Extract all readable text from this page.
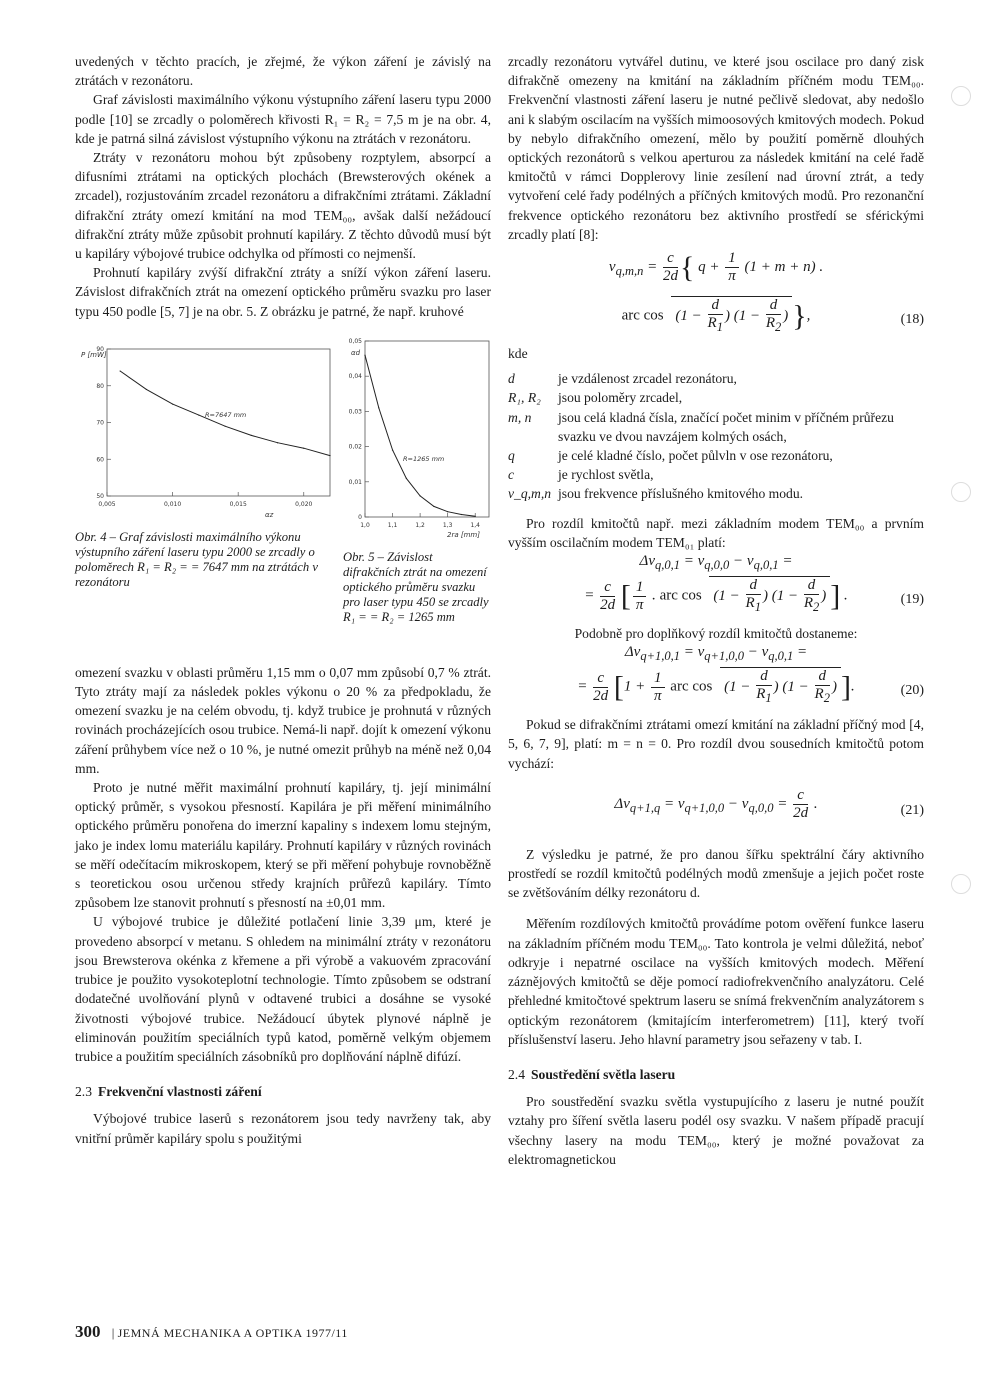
uvedených v těchto pracích, je zřejmé, že výkon záření je závislý na ztrátách v rezonátoru.

Graf závislosti maximálního výkonu výstupního záření laseru typu 2000 podle [10] se zrcadly o poloměrech křivosti R₁ = R₂ = 7,5 m je na obr. 4, kde je patrná silná závislost výstupního výkonu na ztrátách v rezonátoru.

Ztráty v rezonátoru mohou být způsobeny rozptylem, absorpcí a difusními ztrátami na optických plochách (Brewsterových okének a zrcadel), rozjustováním zrcadel rezonátoru a difrakčními ztrátami. Základní difrakční ztráty omezí kmitání na mod TEM₀₀, avšak další nežádoucí difrakční ztráty může způsobit prohnutí kapiláry. Z těchto důvodů musí být u kapiláry výbojové trubice odchylka od přímosti co nejmenší.

Prohnutí kapiláry zvýší difrakční ztráty a sníží výkon záření laseru. Závislost difrakčních ztrát na omezení optického průměru svazku pro laser typu 450 podle [5, 7] je na obr. 5. Z obrázku je patrné, že např. kruhové

0,005	0,010	0,015	0,020
50
60
70
80
90
P [mW]
αz
R=7647 mm
Obr. 4 – Graf závislosti maximálního výkonu výstupního záření laseru typu 2000 se zrcadly o poloměrech R₁ = R₂ = = 7647 mm na ztrátách v rezonátoru
1,0	1,1	1,2	1,3	1,4
0
0,01
0,02
0,03
0,04
0,05
αd
2ra [mm]
R=1265 mm
Obr. 5 – Závislost difrakčních ztrát na omezení optického průměru svazku pro laser typu 450 se zrcadly R₁ = = R₂ = 1265 mm

omezení svazku v oblasti průměru 1,15 mm o 0,07 mm způsobí 0,7 % ztrát. Tyto ztráty mají za následek pokles výkonu o 20 % za předpokladu, že omezení svazku je na celém obvodu, tj. když trubice je prohnutá v různých rovinách procházejících osou trubice. Nemá-li např. dojít k omezení výkonu záření průhybem více než o 10 %, je nutné omezit průhyb na méně než 0,04 mm.

Proto je nutné měřit maximální prohnutí kapiláry, tj. její minimální optický průměr, s vysokou přesností. Kapilára je při měření minimálního optického průměru ponořena do imerzní kapaliny s indexem lomu stejným, jako je index lomu materiálu kapiláry. Prohnutí kapiláry v různých rovinách se měří odečítacím mikroskopem, který se při měření pohybuje rovnoběžně s teoretickou osou určenou středy krajních průřezů kapiláry. Tímto způsobem lze stanovit prohnutí s přesností na ±0,01 mm.

U výbojové trubice je důležité potlačení linie 3,39 μm, které je provedeno absorpcí v metanu. S ohledem na minimální ztráty v rezonátoru jsou Brewsterova okénka z křemene a při výrobě a vakuovém zpracování trubice je použito vysokoteplotní technologie. Tímto způsobem se odstraní dodatečné uvolňování plynů v odtavené trubici a dosáhne se vysoké životnosti výbojové trubice. Nežádoucí úbytek plynové náplně je eliminován použitím speciálních typů katod, poměrně velkým objemem trubice a použitím speciálních zásobníků pro doplňování náplně difúzí.

2.3 Frekvenční vlastnosti záření

Výbojové trubice laserů s rezonátorem jsou tedy navrženy tak, aby vnitřní průměr kapiláry spolu s použitými

zrcadly rezonátoru vytvářel dutinu, ve které jsou oscilace pro daný zisk difrakčně omezeny na kmitání na základním příčném modu TEM₀₀. Frekvenční vlastnosti záření laseru je nutné pečlivě sledovat, aby nedošlo ani k slabým oscilacím na vyšších mimoosových kmitových modech. Pokud by nebylo difrakčního omezení, mělo by použití poměrně dlouhých optických rezonátorů s velkou aperturou za následek kmitání na celé řadě kmitočtů v rámci Dopplerovy linie zesílení nad úrovní ztrát, a tedy vytvoření celé řady podélných a příčných kmitových modů. Pro rezonanční frekvence optického rezonátoru bez aktivního prostředí se sférickými zrcadly platí [8]:

$\nu_{q,m,n} = \frac{c}{2d}$ { $q + \frac{1}{\pi} (1 + m + n)$ .
arc $\cos (1 - \frac{d}{R_1}$ ) ($1 - \frac{d}{R_2}$ ) },	(18)
kde
d	je vzdálenost zrcadel rezonátoru,
R₁, R₂	jsou poloměry zrcadel,
m, n	jsou celá kladná čísla, značící počet minim v příčném průřezu svazku ve dvou navzájem kolmých osách,
q	je celé kladné číslo, počet půlvln v ose rezonátoru,
c	je rychlost světla,
ν_q,m,n jsou frekvence příslušného kmitového modu.

Pro rozdíl kmitočtů např. mezi základním modem TEM₀₀ a prvním vyšším oscilačním modem TEM₀₁ platí:

$\Delta\nu_{q,0,1} = \nu_{q,0,0} - \nu_{q,0,1}$ =
= $\frac{c}{2d}$ [ $\frac{1}{\pi}$ . arc $\cos (1 - \frac{d}{R_1}$ ) ($1 - \frac{d}{R_2}$ ) ] .	(19)

Podobně pro doplňkový rozdíl kmitočtů dostaneme:

$\Delta\nu_{q+1,0,1} = \nu_{q+1,0,0} - \nu_{q,0,1}$ =
= $\frac{c}{2d} [1 + \frac{1}{\pi}$ arc $\cos (1 - \frac{d}{R_1}$ ) ($1 - \frac{d}{R_2}$ ) ].	(20)

Pokud se difrakčními ztrátami omezí kmitání na základní příčný mod [4, 5, 6, 7, 9], platí: m = n = 0. Pro rozdíl dvou sousedních kmitočtů potom vychází:

$\Delta\nu_{q+1,q} = \nu_{q+1,0,0} - \nu_{q,0,0} = \frac{c}{2d}$ .	(21)

Z výsledku je patrné, že pro danou šířku spektrální čáry aktivního prostředí se rozdíl kmitočtů podélných modů zmenšuje a jejich počet roste se zvětšováním délky rezonátoru d.

Měřením rozdílových kmitočtů provádíme potom ověření funkce laseru na základním příčném modu TEM₀₀. Tato kontrola je velmi důležitá, neboť odkryje i nepatrné oscilace na vyšších kmitových modech. Měření záznějových kmitočtů se děje pomocí radiofrekvenčního analyzátoru. Celé přehledné kmitočtové spektrum laseru se snímá frekvenčním analyzátorem s optickým rezonátorem (kmitajícím interferometrem) [11], který tvoří příslušenství laseru. Jeho hlavní parametry jsou seřazeny v tab. I.

2.4 Soustředění světla laseru

Pro soustředění svazku světla vystupujícího z laseru je nutné použít vztahy pro šíření světla laseru podél osy svazku. V našem případě pracují všechny lasery na modu TEM₀₀, který je možné považovat za elektromagnetickou

300 | JEMNÁ MECHANIKA A OPTIKA 1977/11
